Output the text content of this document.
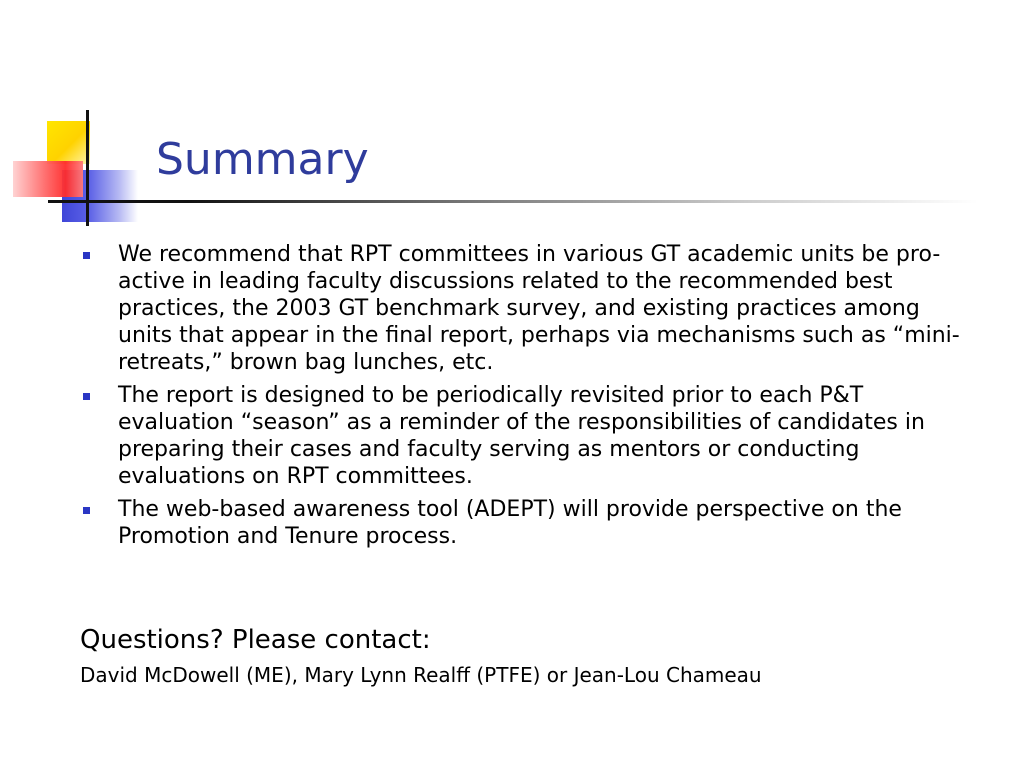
Summary
We recommend that RPT committees in various GT academic units be pro-active in leading faculty discussions related to the recommended best practices, the 2003 GT benchmark survey, and existing practices among units that appear in the final report, perhaps via mechanisms such as “mini-retreats,” brown bag lunches, etc.
The report is designed to be periodically revisited prior to each P&T evaluation “season” as a reminder of the responsibilities of candidates in preparing their cases and faculty serving as mentors or conducting evaluations on RPT committees.
The web-based awareness tool (ADEPT) will provide perspective on the Promotion and Tenure process.
Questions? Please contact:

David McDowell (ME), Mary Lynn Realff (PTFE) or Jean-Lou Chameau
